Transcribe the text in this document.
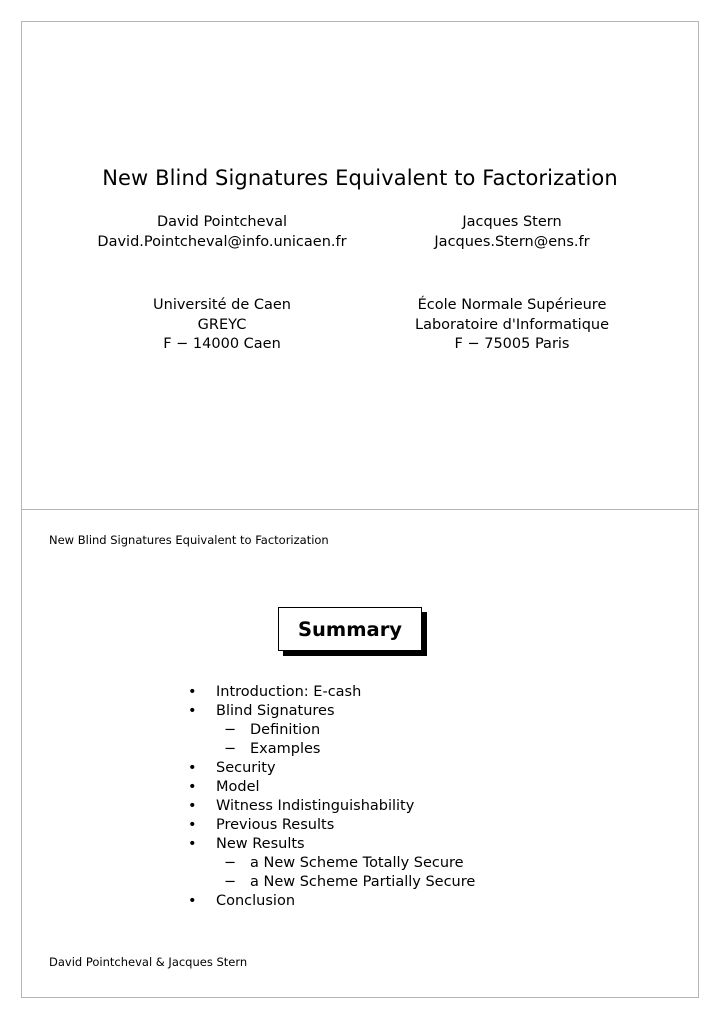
New Blind Signatures Equivalent to Factorization
David Pointcheval
David.Pointcheval@info.unicaen.fr
Jacques Stern
Jacques.Stern@ens.fr
Université de Caen
GREYC
F − 14000 Caen
École Normale Supérieure
Laboratoire d'Informatique
F − 75005 Paris
New Blind Signatures Equivalent to Factorization
Summary
• Introduction: E-cash
• Blind Signatures
− Definition
− Examples
• Security
• Model
• Witness Indistinguishability
• Previous Results
• New Results
− a New Scheme Totally Secure
− a New Scheme Partially Secure
• Conclusion
David Pointcheval & Jacques Stern
